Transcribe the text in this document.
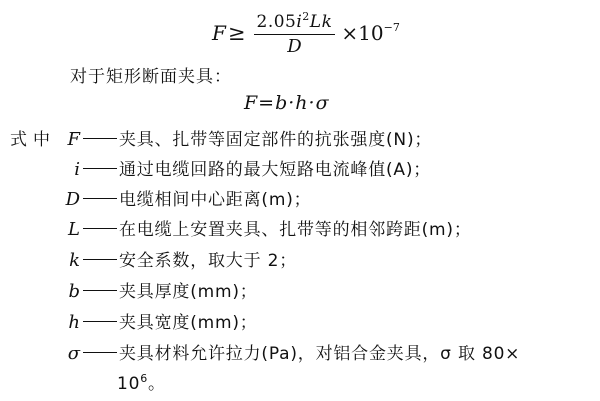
$F \ge \frac{2.05i^2Lk}{D} \times 10^{-7}$
对于矩形断面夹具：
F=b·h·σ
式中 F 夹具、扎带等固定部件的抗张强度(N)；
i 通过电缆回路的最大短路电流峰值(A)；
D 电缆相间中心距离(m)；
L 在电缆上安置夹具、扎带等的相邻跨距(m)；
k 安全系数，取大于 2；
b 夹具厚度(mm)；
h 夹具宽度(mm)；
σ 夹具材料允许拉力(Pa)，对铝合金夹具，σ 取 80×
$10^6$。
